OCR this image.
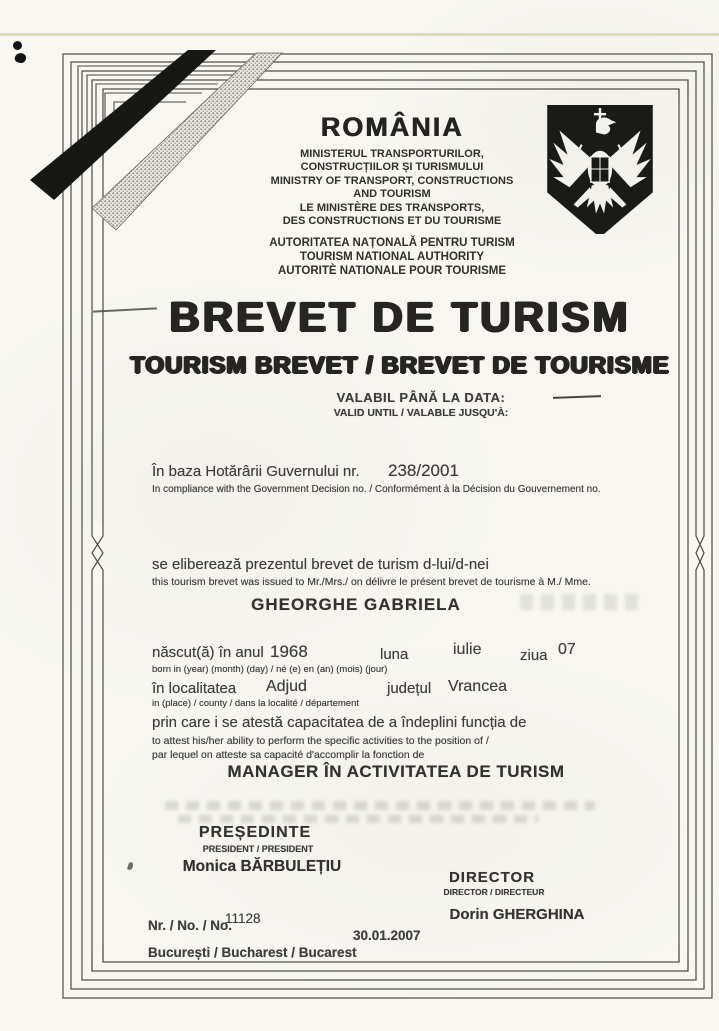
ROMÂNIA
MINISTERUL TRANSPORTURILOR,
CONSTRUCȚIILOR ȘI TURISMULUI
MINISTRY OF TRANSPORT, CONSTRUCTIONS
AND TOURISM
LE MINISTÈRE DES TRANSPORTS,
DES CONSTRUCTIONS ET DU TOURISME
AUTORITATEA NAȚONALĂ PENTRU TURISM
TOURISM NATIONAL AUTHORITY
AUTORITÈ NATIONALE POUR TOURISME
BREVET DE TURISM
TOURISM BREVET / BREVET DE TOURISME
VALABIL PÂNĂ LA DATA:
VALID UNTIL / VALABLE JUSQU'À:
În baza Hotărârii Guvernului nr. 238/2001
In compliance with the Government Decision no. / Conformément à la Décision du Gouvernement no.
se eliberează prezentul brevet de turism d-lui/d-nei
this tourism brevet was issued to Mr./Mrs./ on délivre le présent brevet de tourisme à M./ Mme.
GHEORGHE GABRIELA
născut(ă) în anul 1968	luna	iulie	ziua 07
born in (year) (month) (day) / né (e) en (an) (mois) (jour)
în localitatea Adjud	județul Vrancea
in (place) / county / dans la localité / département
prin care i se atestă capacitatea de a îndeplini funcția de
to attest his/her ability to perform the specific activities to the position of /
par lequel on atteste sa capacité d'accomplir la fonction de
MANAGER ÎN ACTIVITATEA DE TURISM
PREȘEDINTE
PRESIDENT / PRESIDENT
Monica BĂRBULEȚIU
DIRECTOR
DIRECTOR / DIRECTEUR
Dorin GHERGHINA
Nr. / No. / No.
11128
30.01.2007
București / Bucharest / Bucarest
